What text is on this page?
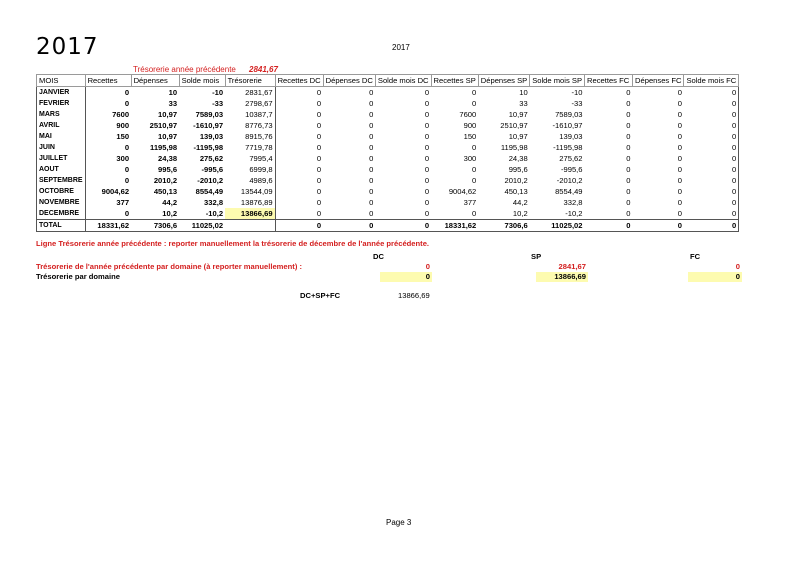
2017	2017
Trésorerie année précédente 2841,67
MOIS	Recettes	Dépenses	Solde mois	Trésorerie	Recettes DC	Dépenses DC	Solde mois DC	Recettes SP	Dépenses SP	Solde mois SP	Recettes FC	Dépenses FC	Solde mois FC
JANVIER	0	10	-10	2831,67	0	0	0	0	10	-10	0	0	0
FEVRIER	0	33	-33	2798,67	0	0	0	0	33	-33	0	0	0
MARS	7600	10,97	7589,03	10387,7	0	0	0	7600	10,97	7589,03	0	0	0
AVRIL	900	2510,97	-1610,97	8776,73	0	0	0	900	2510,97	-1610,97	0	0	0
MAI	150	10,97	139,03	8915,76	0	0	0	150	10,97	139,03	0	0	0
JUIN	0	1195,98	-1195,98	7719,78	0	0	0	0	1195,98	-1195,98	0	0	0
JUILLET	300	24,38	275,62	7995,4	0	0	0	300	24,38	275,62	0	0	0
AOUT	0	995,6	-995,6	6999,8	0	0	0	0	995,6	-995,6	0	0	0
SEPTEMBRE	0	2010,2	-2010,2	4989,6	0	0	0	0	2010,2	-2010,2	0	0	0
OCTOBRE	9004,62	450,13	8554,49	13544,09	0	0	0	9004,62	450,13	8554,49	0	0	0
NOVEMBRE	377	44,2	332,8	13876,89	0	0	0	377	44,2	332,8	0	0	0
DECEMBRE	0	10,2	-10,2	13866,69	0	0	0	0	10,2	-10,2	0	0	0
TOTAL	18331,62	7306,6	11025,02		0	0	0	18331,62	7306,6	11025,02	0	0	0
Ligne Trésorerie année précédente : reporter manuellement la trésorerie de décembre de l'année précédente.
DC	SP	FC
Trésorerie de l'année précédente par domaine (à reporter manuellement) :	0	2841,67	0
Trésorerie par domaine	0	13866,69	0
DC+SP+FC	13866,69
Page 3
